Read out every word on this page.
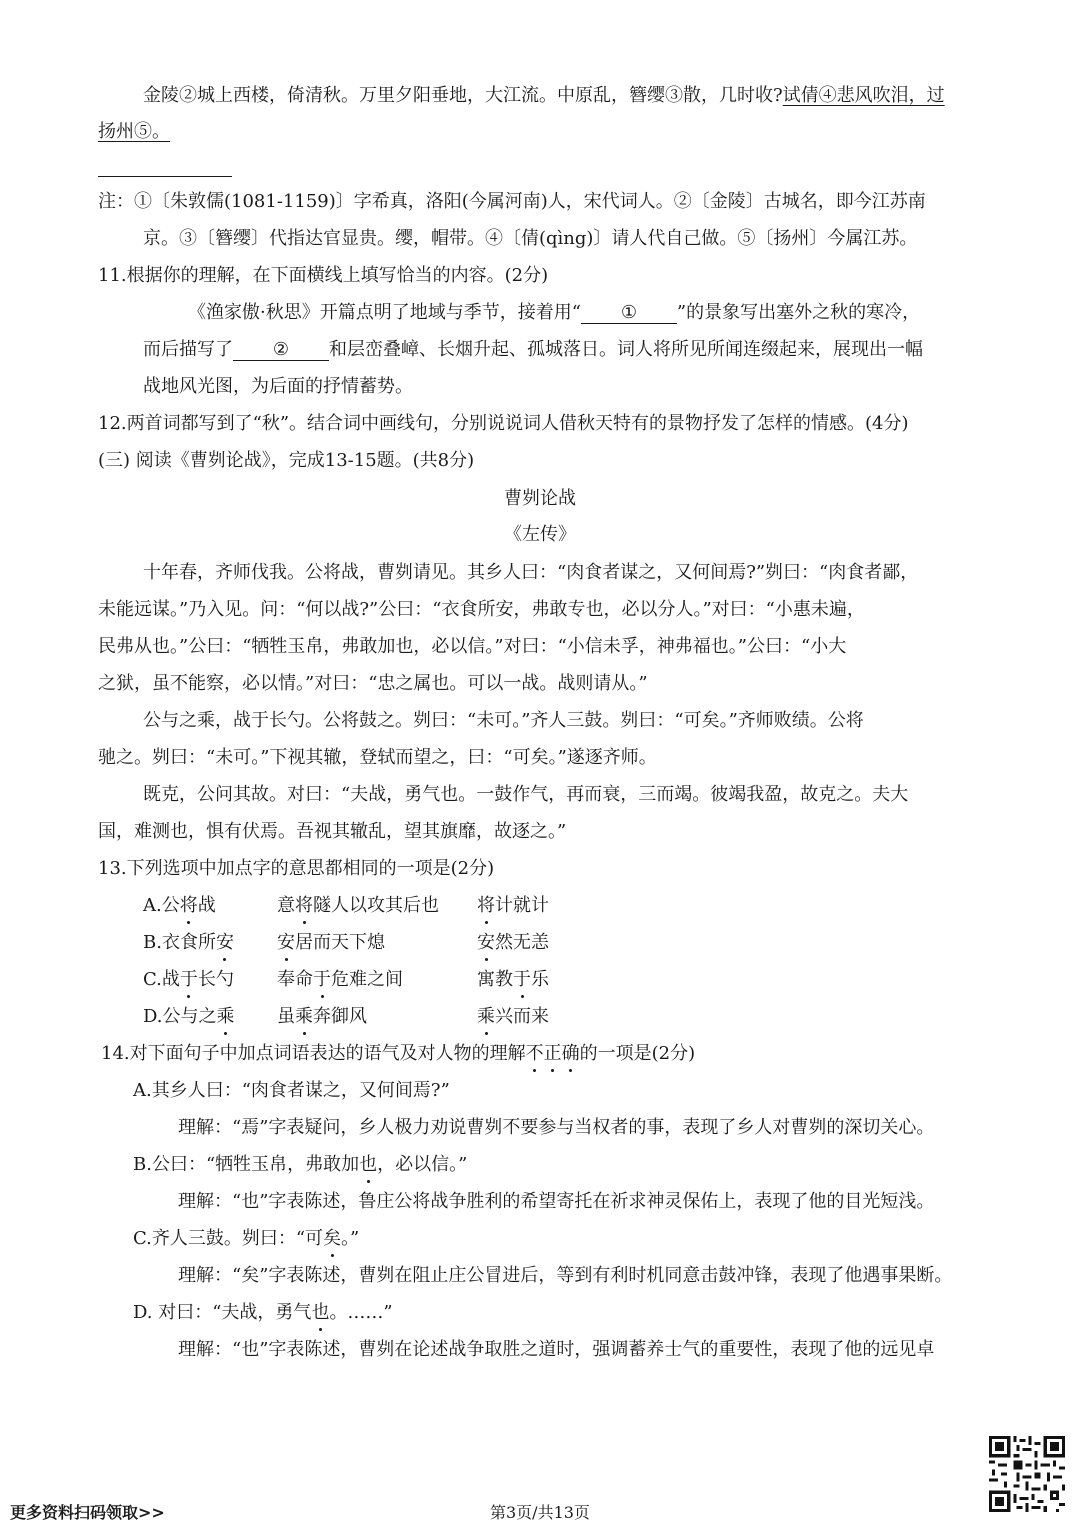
金陵②城上西楼，倚清秋。万里夕阳垂地，大江流。中原乱，簪缨③散，几时收?试倩④悲风吹泪，过
扬州⑤。
注：①〔朱敦儒(1081-1159)〕字希真，洛阳(今属河南)人，宋代词人。②〔金陵〕古城名，即今江苏南
京。③〔簪缨〕代指达官显贵。缨，帽带。④〔倩(qìng)〕请人代自己做。⑤〔扬州〕今属江苏。
11.根据你的理解，在下面横线上填写恰当的内容。(2分)
《渔家傲·秋思》开篇点明了地域与季节，接着用“ ① ”的景象写出塞外之秋的寒冷，
而后描写了 ② 和层峦叠嶂、长烟升起、孤城落日。词人将所见所闻连缀起来，展现出一幅
战地风光图，为后面的抒情蓄势。
12.两首词都写到了“秋”。结合词中画线句，分别说说词人借秋天特有的景物抒发了怎样的情感。(4分)
(三) 阅读《曹刿论战》，完成13-15题。(共8分)
曹刿论战
《左传》
十年春，齐师伐我。公将战，曹刿请见。其乡人曰：“肉食者谋之，又何间焉?”刿曰：“肉食者鄙，
未能远谋。”乃入见。问：“何以战?”公曰：“衣食所安，弗敢专也，必以分人。”对曰：“小惠未遍，
民弗从也。”公曰：“牺牲玉帛，弗敢加也，必以信。”对曰：“小信未孚，神弗福也。”公曰：“小大
之狱，虽不能察，必以情。”对曰：“忠之属也。可以一战。战则请从。”
公与之乘，战于长勺。公将鼓之。刿曰：“未可。”齐人三鼓。刿曰：“可矣。”齐师败绩。公将
驰之。刿曰：“未可。”下视其辙，登轼而望之，曰：“可矣。”遂逐齐师。
既克，公问其故。对曰：“夫战，勇气也。一鼓作气，再而衰，三而竭。彼竭我盈，故克之。夫大
国，难测也，惧有伏焉。吾视其辙乱，望其旗靡，故逐之。”
13.下列选项中加点字的意思都相同的一项是(2分)
A.公将战	意将隧人以攻其后也 将计就计
B.衣食所安 安居而天下熄	安然无恙
C.战于长勺 奉命于危难之间	寓教于乐
D.公与之乘 虽乘奔御风	乘兴而来
14.对下面句子中加点词语表达的语气及对人物的理解不正确的一项是(2分)
A.其乡人曰：“肉食者谋之，又何间焉?”
理解：“焉”字表疑问，乡人极力劝说曹刿不要参与当权者的事，表现了乡人对曹刿的深切关心。
B.公曰：“牺牲玉帛，弗敢加也，必以信。”
理解：“也”字表陈述，鲁庄公将战争胜利的希望寄托在祈求神灵保佑上，表现了他的目光短浅。
C.齐人三鼓。刿曰：“可矣。”
理解：“矣”字表陈述，曹刿在阻止庄公冒进后，等到有利时机同意击鼓冲锋，表现了他遇事果断。
D. 对曰：“夫战，勇气也。……”
理解：“也”字表陈述，曹刿在论述战争取胜之道时，强调蓄养士气的重要性，表现了他的远见卓
更多资料扫码领取>>	第3页/共13页
